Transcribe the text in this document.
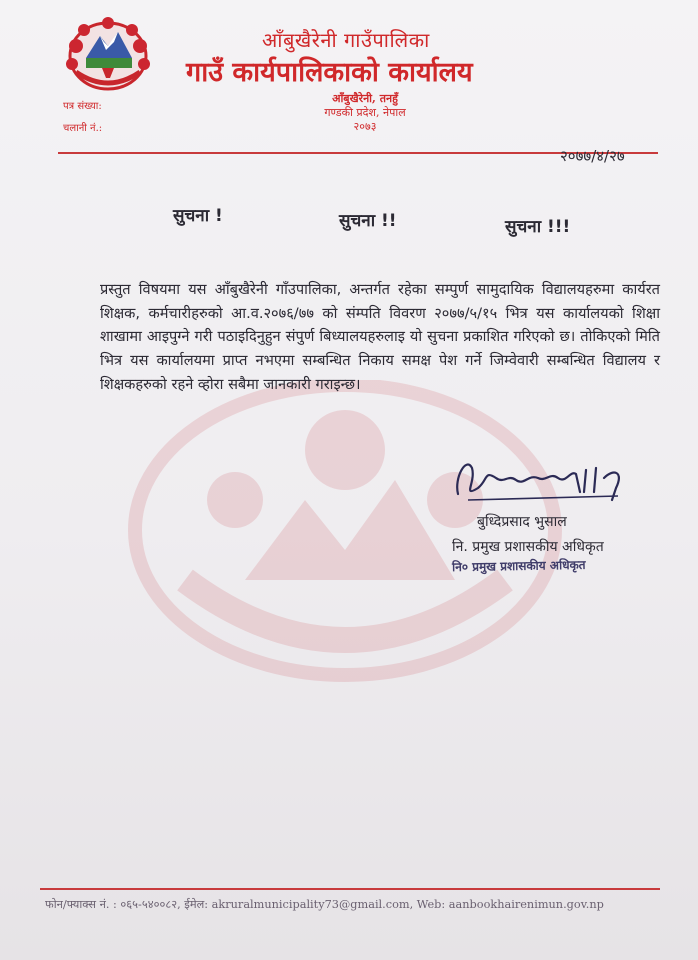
आँबुखैरेनी गाउँपालिका
गाउँ कार्यपालिकाको कार्यालय
आँबुखैरेनी, तनहुँ
गण्डकी प्रदेश, नेपाल
२०७३
पत्र संख्या:
चलानी नं.:
२०७७/४/२७
सुचना !	सुचना !!	सुचना !!!
प्रस्तुत विषयमा यस आँबुखैरेनी गाँउपालिका, अन्तर्गत रहेका सम्पुर्ण सामुदायिक विद्यालयहरुमा कार्यरत शिक्षक, कर्मचारीहरुको आ.व.२०७६/७७ को संम्पति विवरण २०७७/५/१५ भित्र यस कार्यालयको शिक्षा शाखामा आइपुग्ने गरी पठाइदिनुहुन संपुर्ण बिध्यालयहरुलाइ यो सुचना प्रकाशित गरिएको छ। तोकिएको मिति भित्र यस कार्यालयमा प्राप्त नभएमा सम्बन्धित निकाय समक्ष पेश गर्ने जिम्वेवारी सम्बन्धित विद्यालय र शिक्षकहरुको रहने व्होरा सबैमा जानकारी गराइन्छ।
बुध्दिप्रसाद भुसाल
नि. प्रमुख प्रशासकीय अधिकृत
नि० प्रमुख प्रशासकीय अधिकृत
फोन/फ्याक्स नं. : ०६५-५४००८२, ईमेल: akruralmunicipality73@gmail.com, Web: aanbookhairenimun.gov.np
